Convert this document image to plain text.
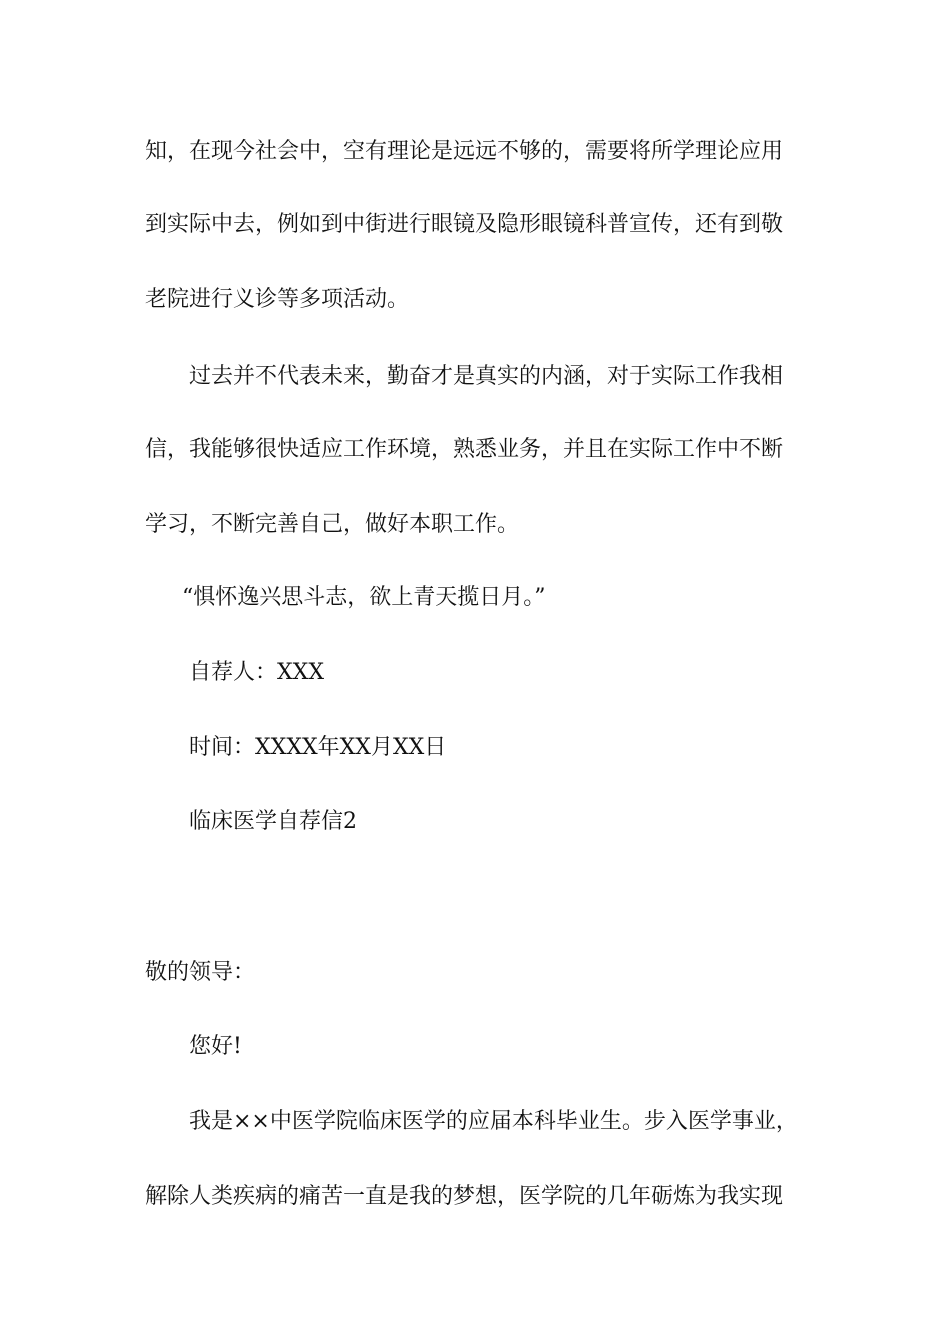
知，在现今社会中，空有理论是远远不够的，需要将所学理论应用

到实际中去，例如到中街进行眼镜及隐形眼镜科普宣传，还有到敬

老院进行义诊等多项活动。

过去并不代表未来，勤奋才是真实的内涵，对于实际工作我相

信，我能够很快适应工作环境，熟悉业务，并且在实际工作中不断

学习，不断完善自己，做好本职工作。

“惧怀逸兴思斗志，欲上青天揽日月。”

自荐人：XXX

时间：XXXX年XX月XX日

临床医学自荐信2

敬的领导：

您好!

我是××中医学院临床医学的应届本科毕业生。步入医学事业，

解除人类疾病的痛苦一直是我的梦想，医学院的几年砺炼为我实现
